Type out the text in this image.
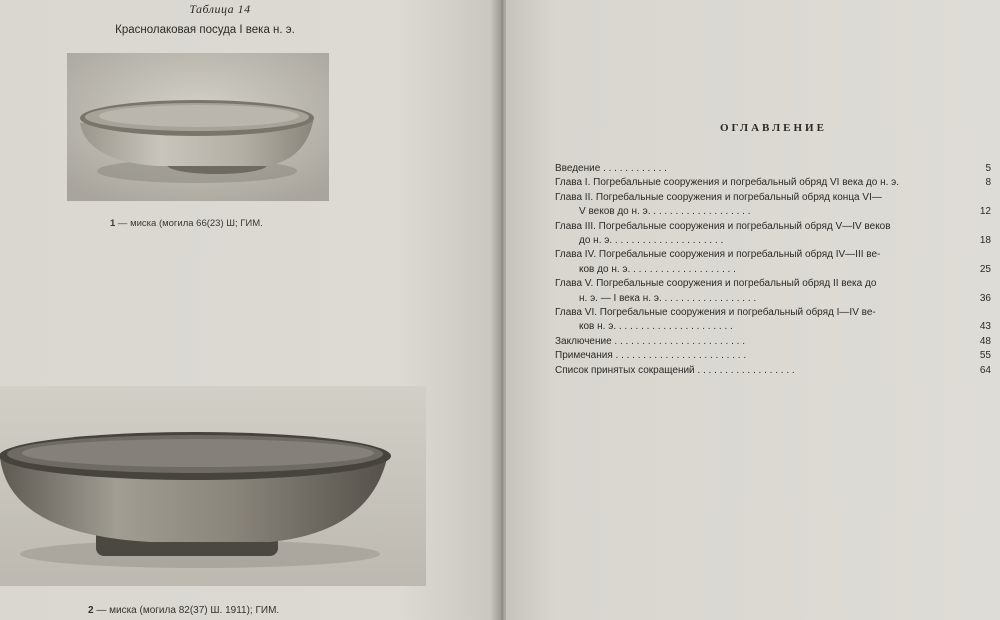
Таблица 14
Краснолаковая посуда I века н. э.
1 — миска (могила 66(23) Ш; ГИМ.
2 — миска (могила 82(37) Ш. 1911); ГИМ.
ОГЛАВЛЕНИЕ
Введение . . . . . . . . . . . .	5
Глава I. Погребальные сооружения и погребальный обряд VI века до н. э.	8
Глава II. Погребальные сооружения и погребальный обряд конца VI—
V веков до н. э. . . . . . . . . . . . . . . . . . .	12
Глава III. Погребальные сооружения и погребальный обряд V—IV веков
до н. э. . . . . . . . . . . . . . . . . . . . .	18
Глава IV. Погребальные сооружения и погребальный обряд IV—III ве-
ков до н. э. . . . . . . . . . . . . . . . . . . .	25
Глава V. Погребальные сооружения и погребальный обряд II века до
н. э. — I века н. э. . . . . . . . . . . . . . . . . .	36
Глава VI. Погребальные сооружения и погребальный обряд I—IV ве-
ков н. э. . . . . . . . . . . . . . . . . . . . . .	43
Заключение . . . . . . . . . . . . . . . . . . . . . . . .	48
Примечания . . . . . . . . . . . . . . . . . . . . . . . .	55
Список принятых сокращений . . . . . . . . . . . . . . . . . .	64
